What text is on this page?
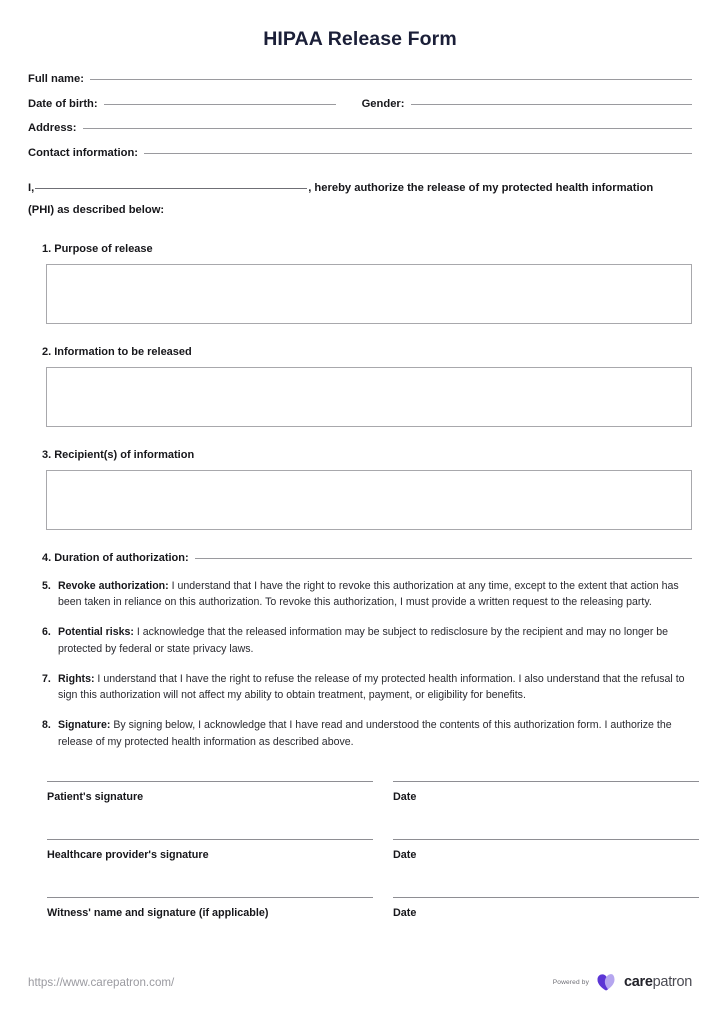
HIPAA Release Form
Full name:
Date of birth:	Gender:
Address:
Contact information:
I,	, hereby authorize the release of my protected health information
(PHI) as described below:
1. Purpose of release
2. Information to be released
3. Recipient(s) of information
4. Duration of authorization:
5. Revoke authorization: I understand that I have the right to revoke this authorization at any time, except to the extent that action has been taken in reliance on this authorization. To revoke this authorization, I must provide a written request to the releasing party.
6. Potential risks: I acknowledge that the released information may be subject to redisclosure by the recipient and may no longer be protected by federal or state privacy laws.
7. Rights: I understand that I have the right to refuse the release of my protected health information. I also understand that the refusal to sign this authorization will not affect my ability to obtain treatment, payment, or eligibility for benefits.
8. Signature: By signing below, I acknowledge that I have read and understood the contents of this authorization form. I authorize the release of my protected health information as described above.
Patient's signature	Date
Healthcare provider's signature	Date
Witness' name and signature (if applicable)	Date
https://www.carepatron.com/	Powered by carepatron
